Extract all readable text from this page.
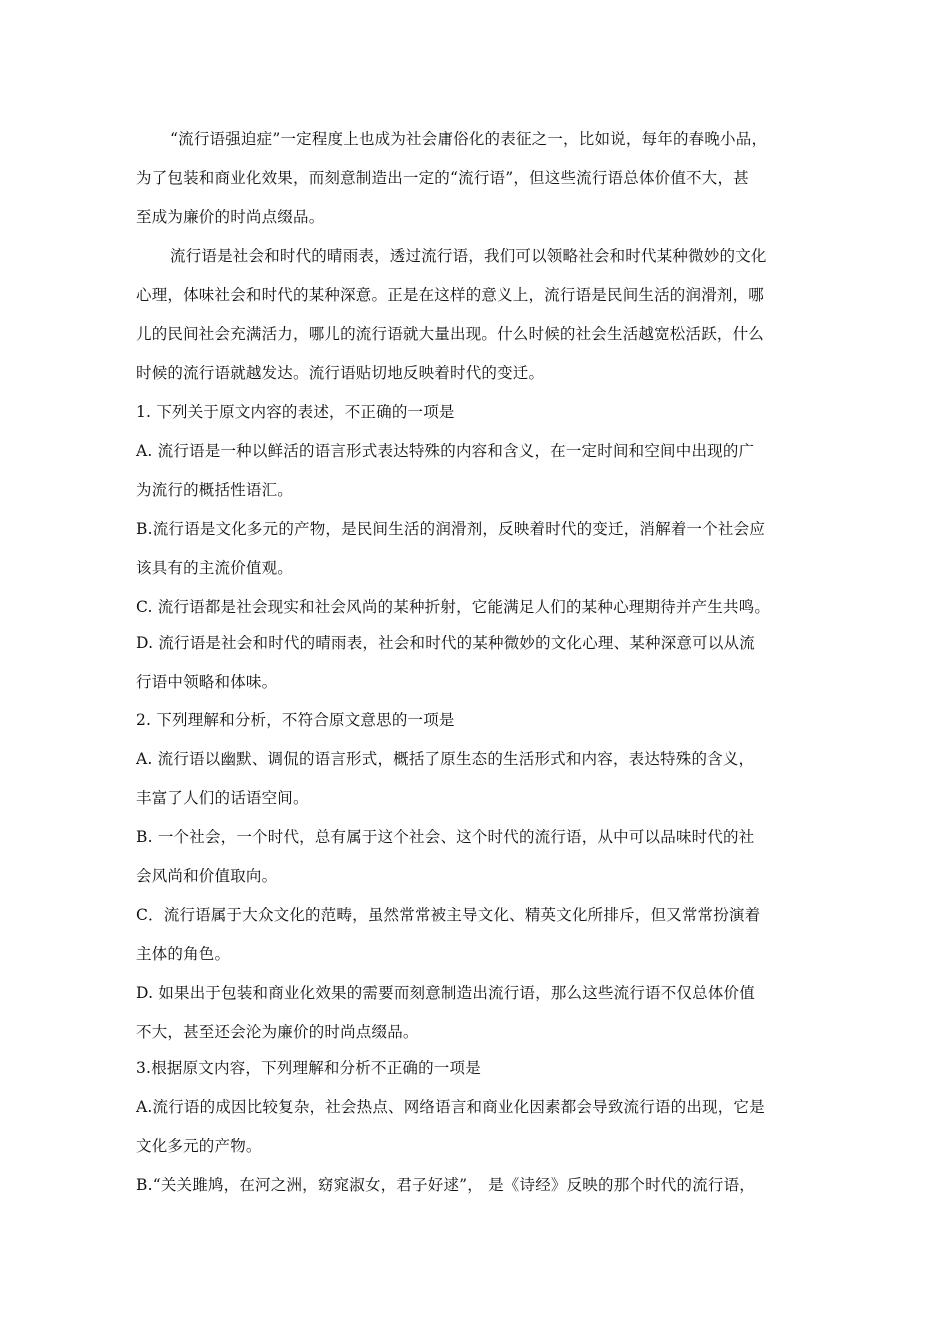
“流行语强迫症”一定程度上也成为社会庸俗化的表征之一，比如说，每年的春晚小品，
为了包装和商业化效果，而刻意制造出一定的“流行语”，但这些流行语总体价值不大，甚
至成为廉价的时尚点缀品。
流行语是社会和时代的晴雨表，透过流行语，我们可以领略社会和时代某种微妙的文化
心理，体味社会和时代的某种深意。正是在这样的意义上，流行语是民间生活的润滑剂，哪
儿的民间社会充满活力，哪儿的流行语就大量出现。什么时候的社会生活越宽松活跃，什么
时候的流行语就越发达。流行语贴切地反映着时代的变迁。
1. 下列关于原文内容的表述，不正确的一项是
A. 流行语是一种以鲜活的语言形式表达特殊的内容和含义，在一定时间和空间中出现的广
为流行的概括性语汇。
B.流行语是文化多元的产物，是民间生活的润滑剂，反映着时代的变迁，消解着一个社会应
该具有的主流价值观。
C. 流行语都是社会现实和社会风尚的某种折射，它能满足人们的某种心理期待并产生共鸣。
D. 流行语是社会和时代的晴雨表，社会和时代的某种微妙的文化心理、某种深意可以从流
行语中领略和体味。
2. 下列理解和分析，不符合原文意思的一项是
A. 流行语以幽默、调侃的语言形式，概括了原生态的生活形式和内容，表达特殊的含义，
丰富了人们的话语空间。
B. 一个社会，一个时代，总有属于这个社会、这个时代的流行语，从中可以品味时代的社
会风尚和价值取向。
C．流行语属于大众文化的范畴，虽然常常被主导文化、精英文化所排斥，但又常常扮演着
主体的角色。
D. 如果出于包装和商业化效果的需要而刻意制造出流行语，那么这些流行语不仅总体价值
不大，甚至还会沦为廉价的时尚点缀品。
3.根据原文内容，下列理解和分析不正确的一项是
A.流行语的成因比较复杂，社会热点、网络语言和商业化因素都会导致流行语的出现，它是
文化多元的产物。
B.“关关雎鸠，在河之洲，窈窕淑女，君子好逑”， 是《诗经》反映的那个时代的流行语，
